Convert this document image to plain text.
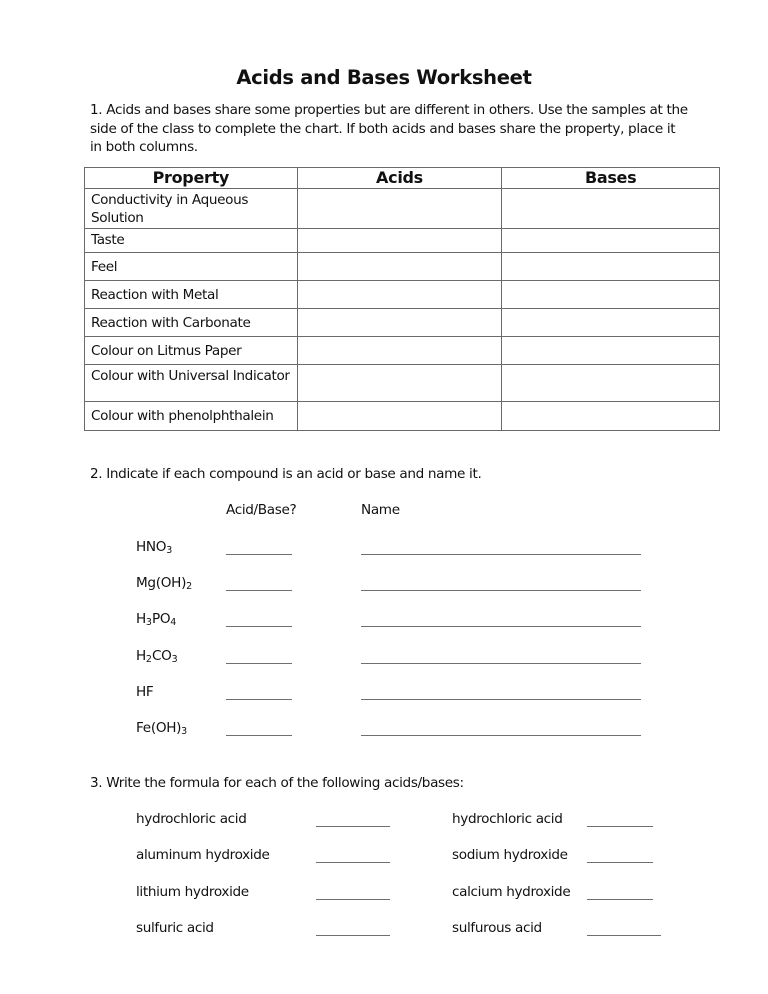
Acids and Bases Worksheet
1. Acids and bases share some properties but are different in others. Use the samples at the side of the class to complete the chart. If both acids and bases share the property, place it in both columns.
Property	Acids	Bases
Conductivity in Aqueous Solution		
Taste		
Feel		
Reaction with Metal		
Reaction with Carbonate		
Colour on Litmus Paper		
Colour with Universal Indicator		
Colour with phenolphthalein		
2. Indicate if each compound is an acid or base and name it.
Acid/Base?	Name
$HNO_3$
$Mg(OH)_2$
$H_3PO_4$
$H_2CO_3$
HF
$Fe(OH)_3$
3. Write the formula for each of the following acids/bases:
hydrochloric acid	hydrochloric acid
aluminum hydroxide	sodium hydroxide
lithium hydroxide	calcium hydroxide
sulfuric acid	sulfurous acid
